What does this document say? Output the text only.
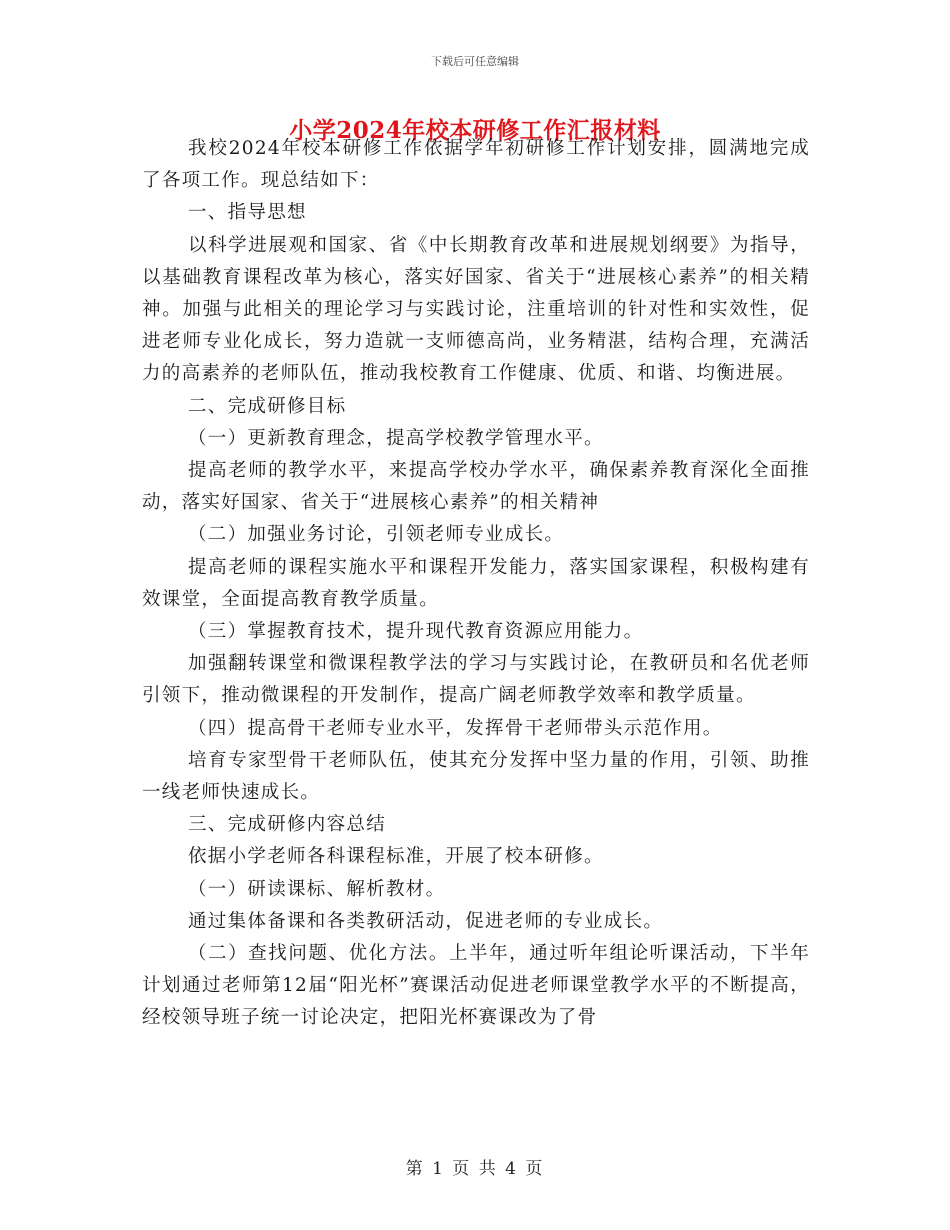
下载后可任意编辑
小学2024年校本研修工作汇报材料

我校2024年校本研修工作依据学年初研修工作计划安排，圆满地完成了各项工作。现总结如下：

一、指导思想

以科学进展观和国家、省《中长期教育改革和进展规划纲要》为指导，以基础教育课程改革为核心，落实好国家、省关于“进展核心素养”的相关精神。加强与此相关的理论学习与实践讨论，注重培训的针对性和实效性，促进老师专业化成长，努力造就一支师德高尚，业务精湛，结构合理，充满活力的高素养的老师队伍，推动我校教育工作健康、优质、和谐、均衡进展。

二、完成研修目标

（一）更新教育理念，提高学校教学管理水平。

提高老师的教学水平，来提高学校办学水平，确保素养教育深化全面推动，落实好国家、省关于“进展核心素养”的相关精神

（二）加强业务讨论，引领老师专业成长。

提高老师的课程实施水平和课程开发能力，落实国家课程，积极构建有效课堂，全面提高教育教学质量。

（三）掌握教育技术，提升现代教育资源应用能力。

加强翻转课堂和微课程教学法的学习与实践讨论，在教研员和名优老师引领下，推动微课程的开发制作，提高广阔老师教学效率和教学质量。

（四）提高骨干老师专业水平，发挥骨干老师带头示范作用。

培育专家型骨干老师队伍，使其充分发挥中坚力量的作用，引领、助推一线老师快速成长。

三、完成研修内容总结

依据小学老师各科课程标准，开展了校本研修。

（一）研读课标、解析教材。

通过集体备课和各类教研活动，促进老师的专业成长。

（二）查找问题、优化方法。上半年，通过听年组论听课活动，下半年计划通过老师第12届“阳光杯”赛课活动促进老师课堂教学水平的不断提高，经校领导班子统一讨论决定，把阳光杯赛课改为了骨

第 1 页 共 4 页
